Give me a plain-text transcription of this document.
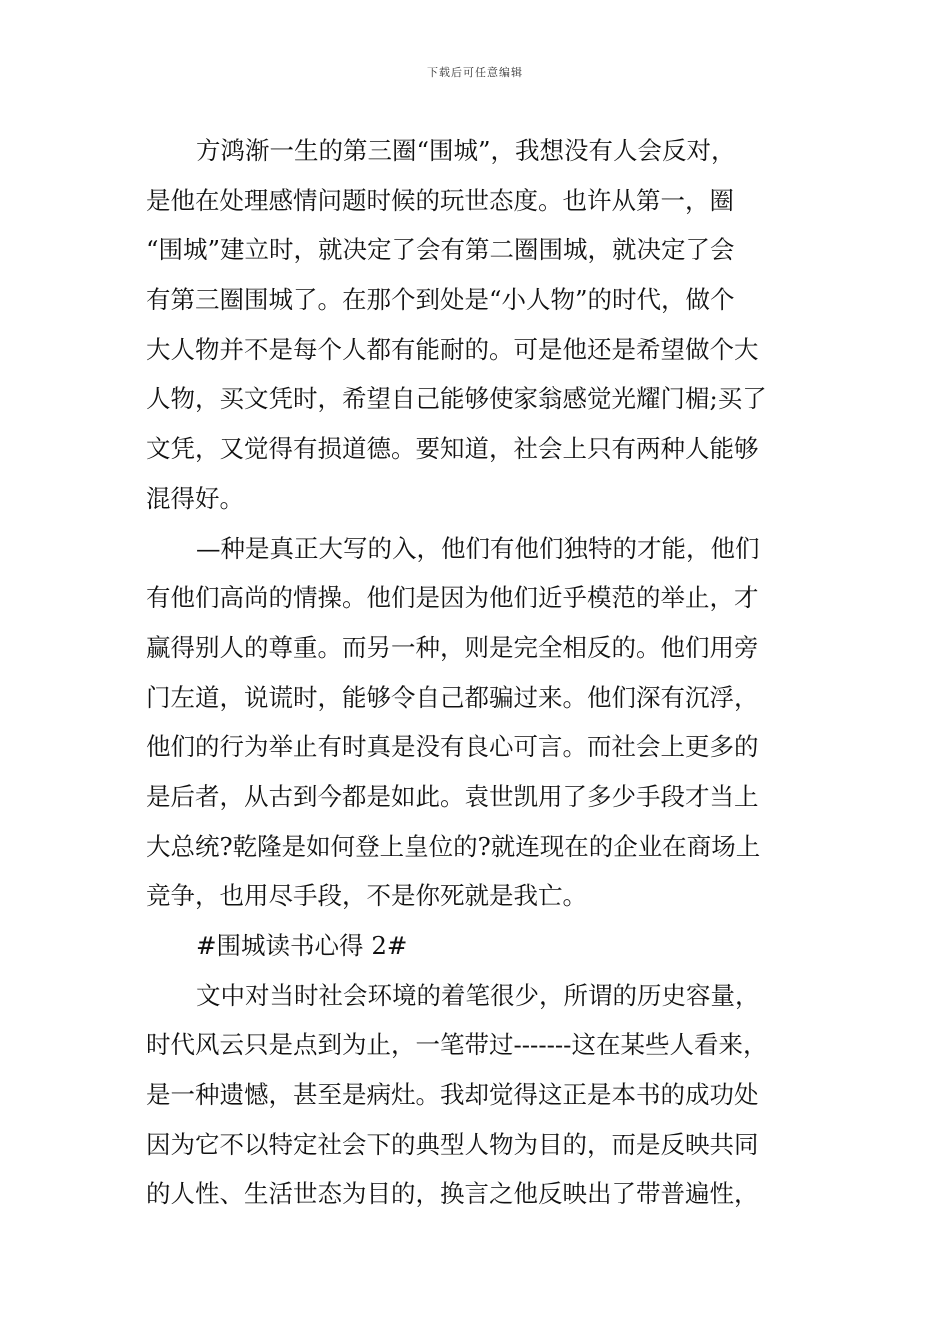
下载后可任意编辑
方鸿渐一生的第三圈“围城”，我想没有人会反对，
是他在处理感情问题时候的玩世态度。也许从第一，圈
“围城”建立时，就决定了会有第二圈围城，就决定了会
有第三圈围城了。在那个到处是“小人物”的时代，做个
大人物并不是每个人都有能耐的。可是他还是希望做个大
人物，买文凭时，希望自己能够使家翁感觉光耀门楣;买了
文凭，又觉得有损道德。要知道，社会上只有两种人能够
混得好。
—种是真正大写的入，他们有他们独特的才能，他们
有他们高尚的情操。他们是因为他们近乎模范的举止，才
赢得别人的尊重。而另一种，则是完全相反的。他们用旁
门左道，说谎时，能够令自己都骗过来。他们深有沉浮，
他们的行为举止有时真是没有良心可言。而社会上更多的
是后者，从古到今都是如此。袁世凯用了多少手段才当上
大总统?乾隆是如何登上皇位的?就连现在的企业在商场上
竞争，也用尽手段，不是你死就是我亡。
#围城读书心得 2#
文中对当时社会环境的着笔很少，所谓的历史容量，
时代风云只是点到为止，一笔带过-------这在某些人看来，
是一种遗憾，甚至是病灶。我却觉得这正是本书的成功处
因为它不以特定社会下的典型人物为目的，而是反映共同
的人性、生活世态为目的，换言之他反映出了带普遍性，
